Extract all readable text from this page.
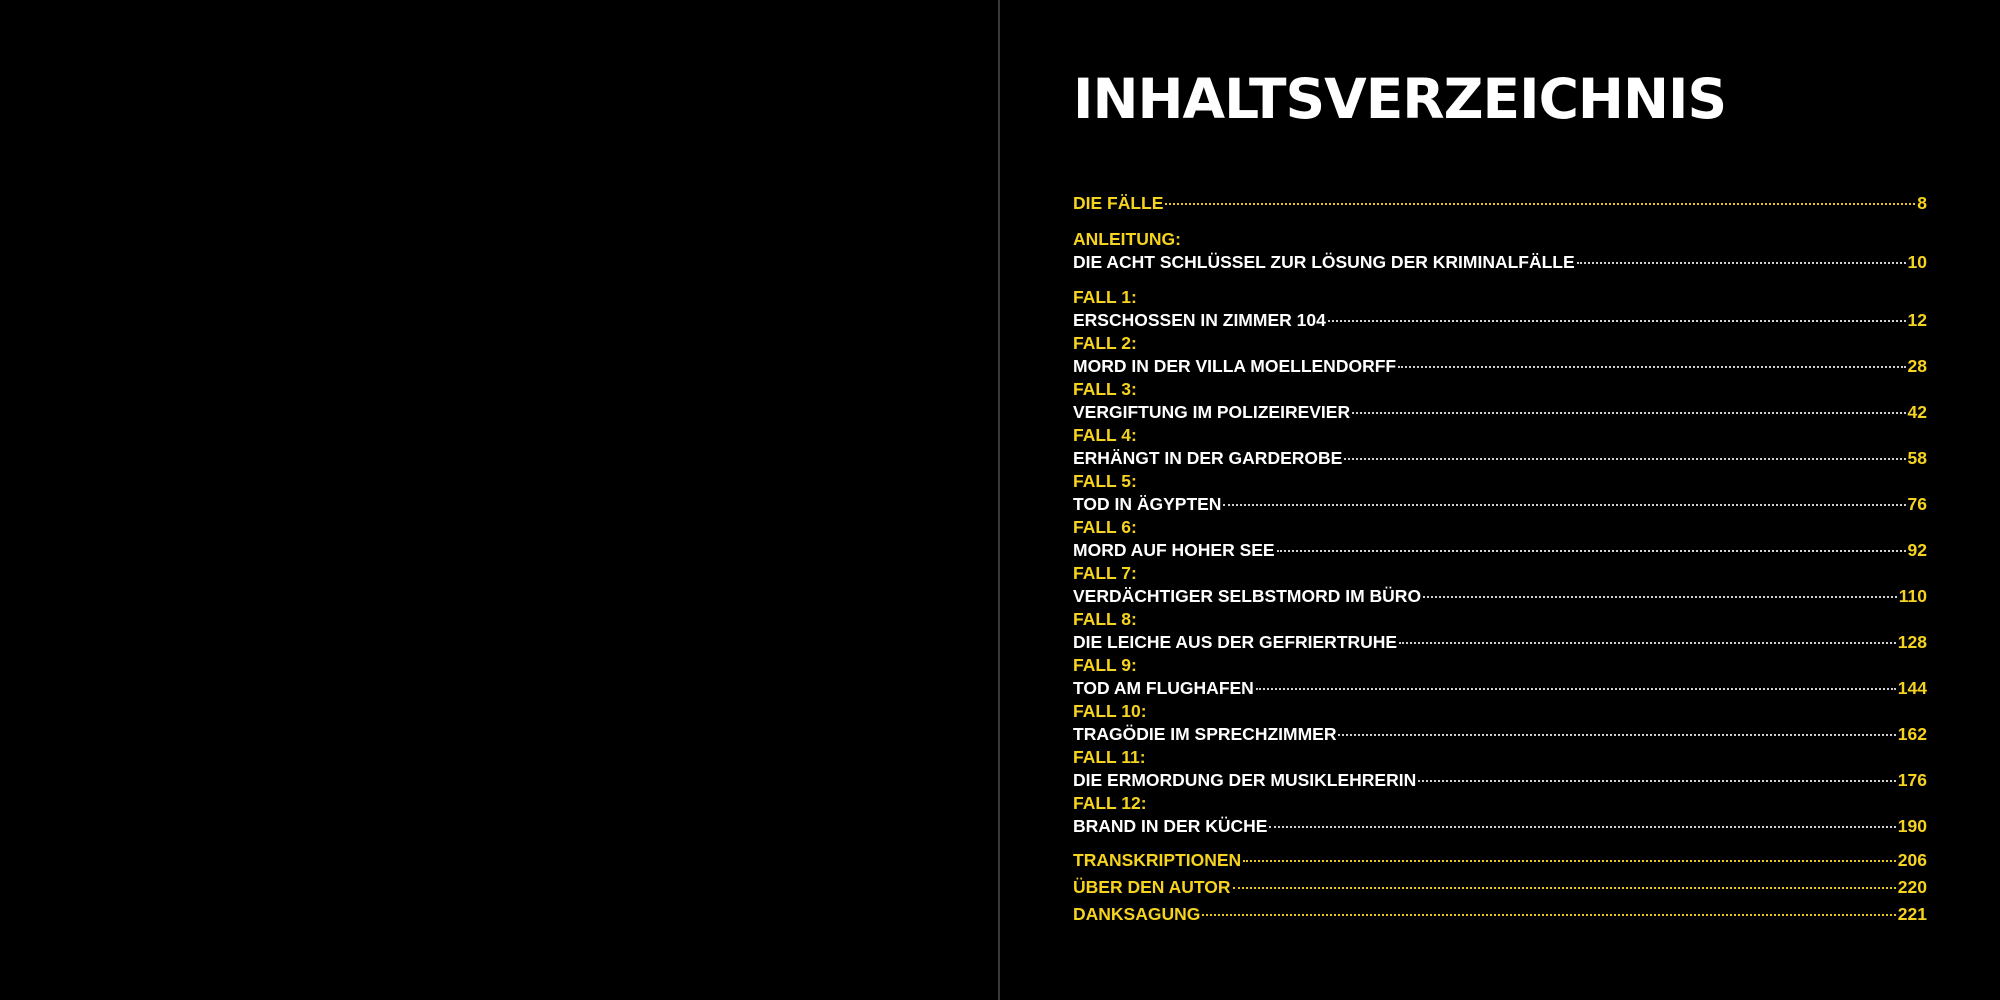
INHALTSVERZEICHNIS
DIE FÄLLE	8
ANLEITUNG:
DIE ACHT SCHLÜSSEL ZUR LÖSUNG DER KRIMINALFÄLLE	10
FALL 1:
ERSCHOSSEN IN ZIMMER 104	12
FALL 2:
MORD IN DER VILLA MOELLENDORFF	28
FALL 3:
VERGIFTUNG IM POLIZEIREVIER	42
FALL 4:
ERHÄNGT IN DER GARDEROBE	58
FALL 5:
TOD IN ÄGYPTEN	76
FALL 6:
MORD AUF HOHER SEE	92
FALL 7:
VERDÄCHTIGER SELBSTMORD IM BÜRO	110
FALL 8:
DIE LEICHE AUS DER GEFRIERTRUHE	128
FALL 9:
TOD AM FLUGHAFEN	144
FALL 10:
TRAGÖDIE IM SPRECHZIMMER	162
FALL 11:
DIE ERMORDUNG DER MUSIKLEHRERIN	176
FALL 12:
BRAND IN DER KÜCHE	190
TRANSKRIPTIONEN	206
ÜBER DEN AUTOR	220
DANKSAGUNG	221
